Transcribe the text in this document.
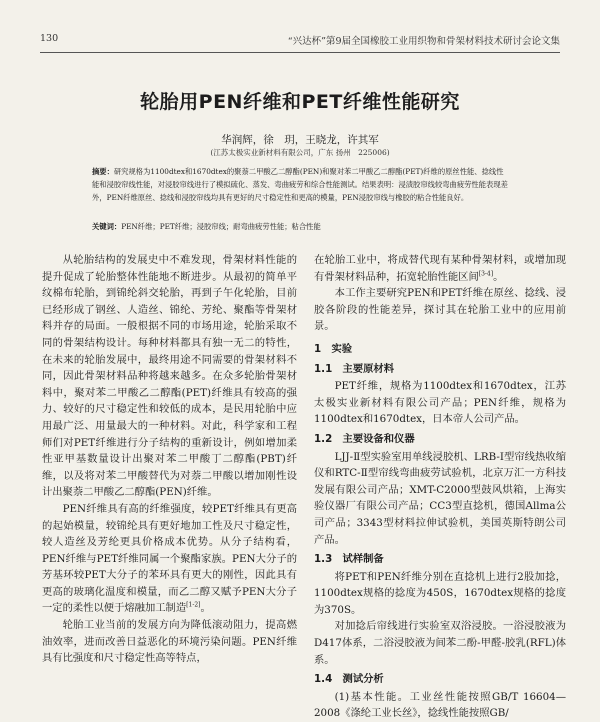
130	“兴达杯”第9届全国橡胶工业用织物和骨架材料技术研讨会论文集
轮胎用PEN纤维和PET纤维性能研究
华润辉，徐　玥，王晓龙，许其军
(江苏太极实业新材料有限公司，广东 扬州　225006)
摘要：研究规格为1100dtex和1670dtex的聚萘二甲酸乙二醇酯(PEN)和聚对苯二甲酸乙二醇酯(PET)纤维的原丝性能、捻线性能和浸胶帘线性能，对浸胶帘线进行了模拟硫化、蒸发、弯曲疲劳和综合性能测试。结果表明：浸渍胶帘线较弯曲疲劳性能表现差外，PEN纤维原丝、捻线和浸胶帘线均具有更好的尺寸稳定性和更高的模量，PEN浸胶帘线与橡胶的粘合性能良好。
关键词：PEN纤维；PET纤维；浸胶帘线；耐弯曲疲劳性能；粘合性能

从轮胎结构的发展史中不难发现，骨架材料性能的提升促成了轮胎整体性能地不断进步。从最初的简单平纹棉布轮胎，到锦纶斜交轮胎，再到子午化轮胎，目前已经形成了钢丝、人造丝、锦纶、芳纶、聚酯等骨架材料并存的局面。一般根据不同的市场用途，轮胎采取不同的骨架结构设计。每种材料都具有独一无二的特性，在未来的轮胎发展中，最终用途不同需要的骨架材料不同，因此骨架材料品种将越来越多。在众多轮胎骨架材料中，聚对苯二甲酸乙二醇酯(PET)纤维具有较高的强力、较好的尺寸稳定性和较低的成本，是民用轮胎中应用最广泛、用量最大的一种材料。对此，科学家和工程师们对PET纤维进行分子结构的重新设计，例如增加柔性亚甲基数量设计出聚对苯二甲酸丁二醇酯(PBT)纤维，以及将对苯二甲酸替代为对萘二甲酸以增加刚性设计出聚萘二甲酸乙二醇酯(PEN)纤维。

PEN纤维具有高的纤维强度，较PET纤维具有更高的起始模量，较锦纶具有更好地加工性及尺寸稳定性，较人造丝及芳纶更具价格成本优势。从分子结构看，PEN纤维与PET纤维同属一个聚酯家族。PEN大分子的芳基环较PET大分子的苯环具有更大的刚性，因此具有更高的玻璃化温度和模量，而乙二醇又赋予PEN大分子一定的柔性以便于熔融加工制造[1-2]。

轮胎工业当前的发展方向为降低滚动阻力，提高燃油效率，进而改善日益恶化的环境污染问题。PEN纤维具有比强度和尺寸稳定性高等特点，

在轮胎工业中，将成替代现有某种骨架材料，或增加现有骨架材料品种，拓宽轮胎性能区间[3-4]。

本工作主要研究PEN和PET纤维在原丝、捻线、浸胶各阶段的性能差异，探讨其在轮胎工业中的应用前景。

1　实验
1.1　主要原材料

PET纤维，规格为1100dtex和1670dtex，江苏太极实业新材料有限公司产品；PEN纤维，规格为1100dtex和1670dtex，日本帝人公司产品。

1.2　主要设备和仪器

LJJ-Ⅱ型实验室用单线浸胶机、LRB-Ⅰ型帘线热收缩仪和RTC-Ⅱ型帘线弯曲疲劳试验机，北京万汇一方科技发展有限公司产品；XMT-C2000型鼓风烘箱，上海实验仪器厂有限公司产品；CC3型直捻机，德国Allma公司产品；3343型材料拉伸试验机，美国英斯特朗公司产品。

1.3　试样制备

将PET和PEN纤维分别在直捻机上进行2股加捻，1100dtex规格的捻度为450S，1670dtex规格的捻度为370S。

对加捻后帘线进行实验室双浴浸胶。一浴浸胶液为D417体系，二浴浸胶液为间苯二酚-甲醛-胶乳(RFL)体系。

1.4　测试分析

(1)基本性能。工业丝性能按照GB/T 16604—2008《涤纶工业长丝》，捻线性能按照GB/
